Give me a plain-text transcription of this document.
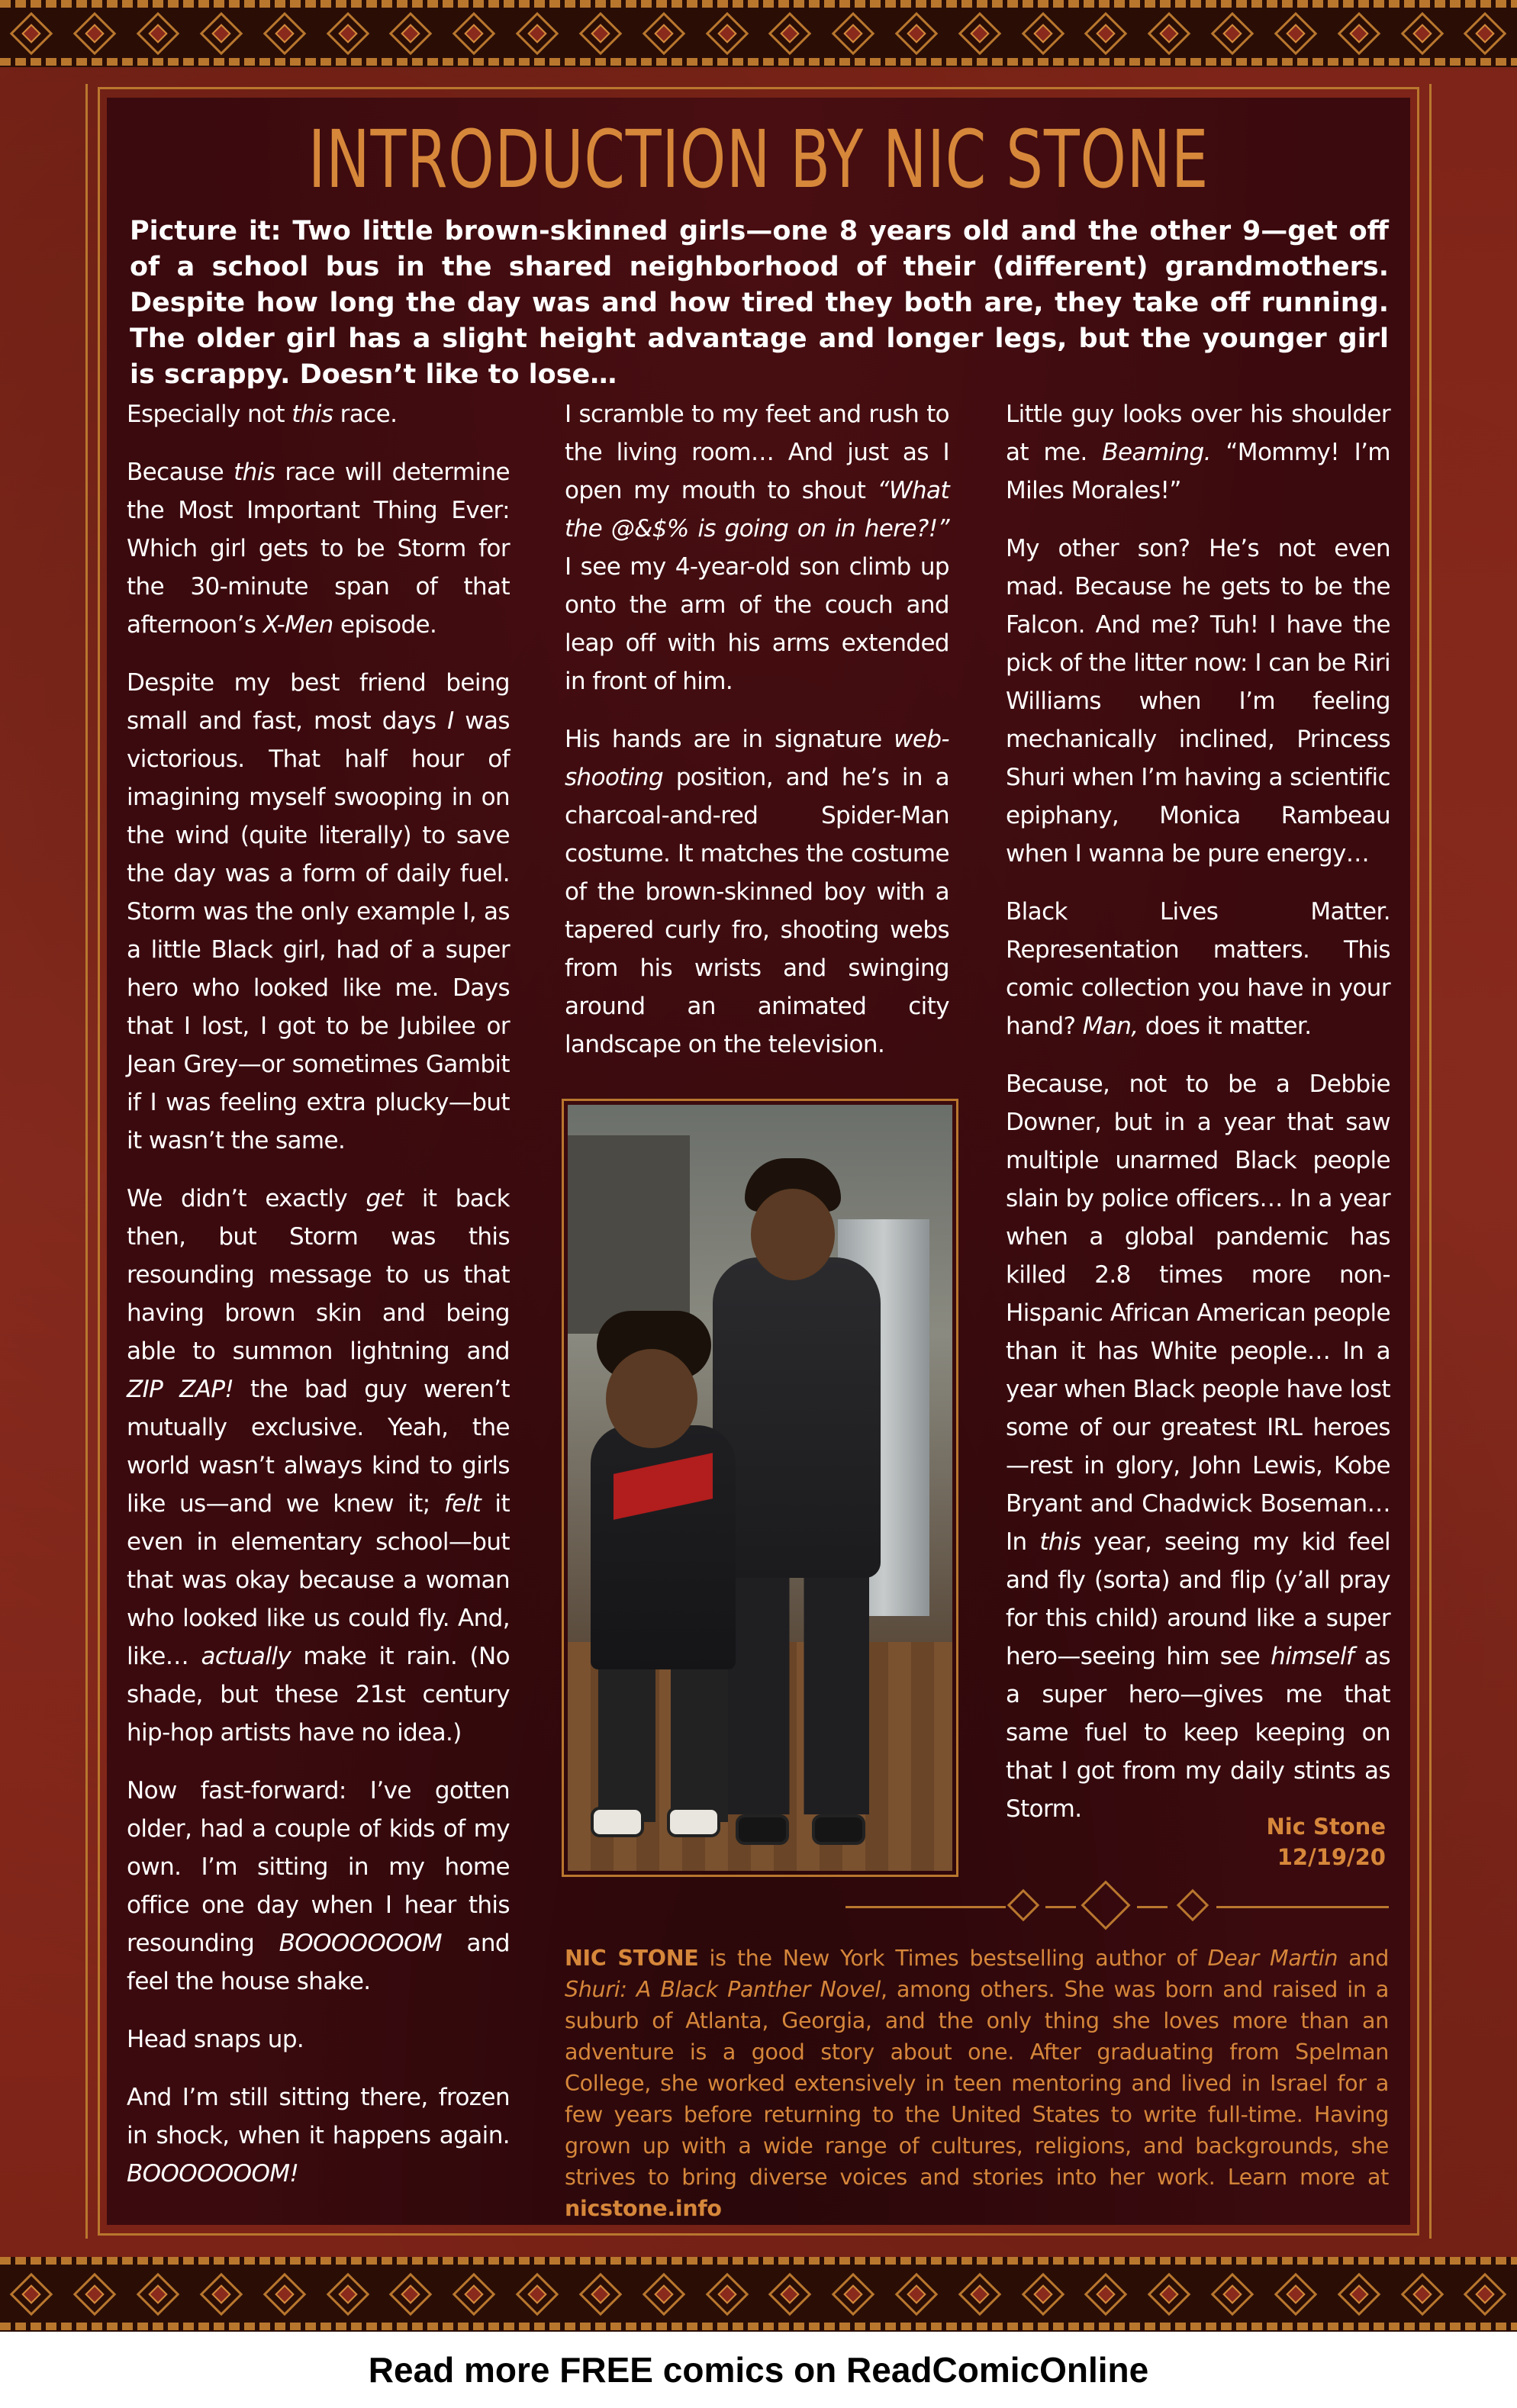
INTRODUCTION BY NIC STONE

Picture it: Two little brown-skinned girls—one 8 years old and the other 9—get off of a school bus in the shared neighborhood of their (different) grandmothers. Despite how long the day was and how tired they both are, they take off running. The older girl has a slight height advantage and longer legs, but the younger girl is scrappy. Doesn’t like to lose…

Especially not this race.

Because this race will determine the Most Important Thing Ever: Which girl gets to be Storm for the 30-minute span of that afternoon’s X-Men episode.

Despite my best friend being small and fast, most days I was victorious. That half hour of imagining myself swooping in on the wind (quite literally) to save the day was a form of daily fuel. Storm was the only example I, as a little Black girl, had of a super hero who looked like me. Days that I lost, I got to be Jubilee or Jean Grey—or sometimes Gambit if I was feeling extra plucky—but it wasn’t the same.

We didn’t exactly get it back then, but Storm was this resounding message to us that having brown skin and being able to summon lightning and ZIP ZAP! the bad guy weren’t mutually exclusive. Yeah, the world wasn’t always kind to girls like us—and we knew it; felt it even in elementary school—but that was okay because a woman who looked like us could fly. And, like… actually make it rain. (No shade, but these 21st century hip-hop artists have no idea.)

Now fast-forward: I’ve gotten older, had a couple of kids of my own. I’m sitting in my home office one day when I hear this resounding BOOOOOOOM and feel the house shake.

Head snaps up.

And I’m still sitting there, frozen in shock, when it happens again. BOOOOOOOM!

I scramble to my feet and rush to the living room… And just as I open my mouth to shout “What the @&$% is going on in here?!” I see my 4-year-old son climb up onto the arm of the couch and leap off with his arms extended in front of him.

His hands are in signature web-shooting position, and he’s in a charcoal-and-red Spider-Man costume. It matches the costume of the brown-skinned boy with a tapered curly fro, shooting webs from his wrists and swinging around an animated city landscape on the television.

Little guy looks over his shoulder at me. Beaming. “Mommy! I’m Miles Morales!”

My other son? He’s not even mad. Because he gets to be the Falcon. And me? Tuh! I have the pick of the litter now: I can be Riri Williams when I’m feeling mechanically inclined, Princess Shuri when I’m having a scientific epiphany, Monica Rambeau when I wanna be pure energy…

Black Lives Matter. Representation matters. This comic collection you have in your hand? Man, does it matter.

Because, not to be a Debbie Downer, but in a year that saw multiple unarmed Black people slain by police officers… In a year when a global pandemic has killed 2.8 times more non-Hispanic African American people than it has White people… In a year when Black people have lost some of our greatest IRL heroes—rest in glory, John Lewis, Kobe Bryant and Chadwick Boseman… In this year, seeing my kid feel and fly (sorta) and flip (y’all pray for this child) around like a super hero—seeing him see himself as a super hero—gives me that same fuel to keep keeping on that I got from my daily stints as Storm.

Nic Stone
12/19/20

NIC STONE is the New York Times bestselling author of Dear Martin and Shuri: A Black Panther Novel, among others. She was born and raised in a suburb of Atlanta, Georgia, and the only thing she loves more than an adventure is a good story about one. After graduating from Spelman College, she worked extensively in teen mentoring and lived in Israel for a few years before returning to the United States to write full-time. Having grown up with a wide range of cultures, religions, and backgrounds, she strives to bring diverse voices and stories into her work. Learn more at nicstone.info

Read more FREE comics on ReadComicOnline
